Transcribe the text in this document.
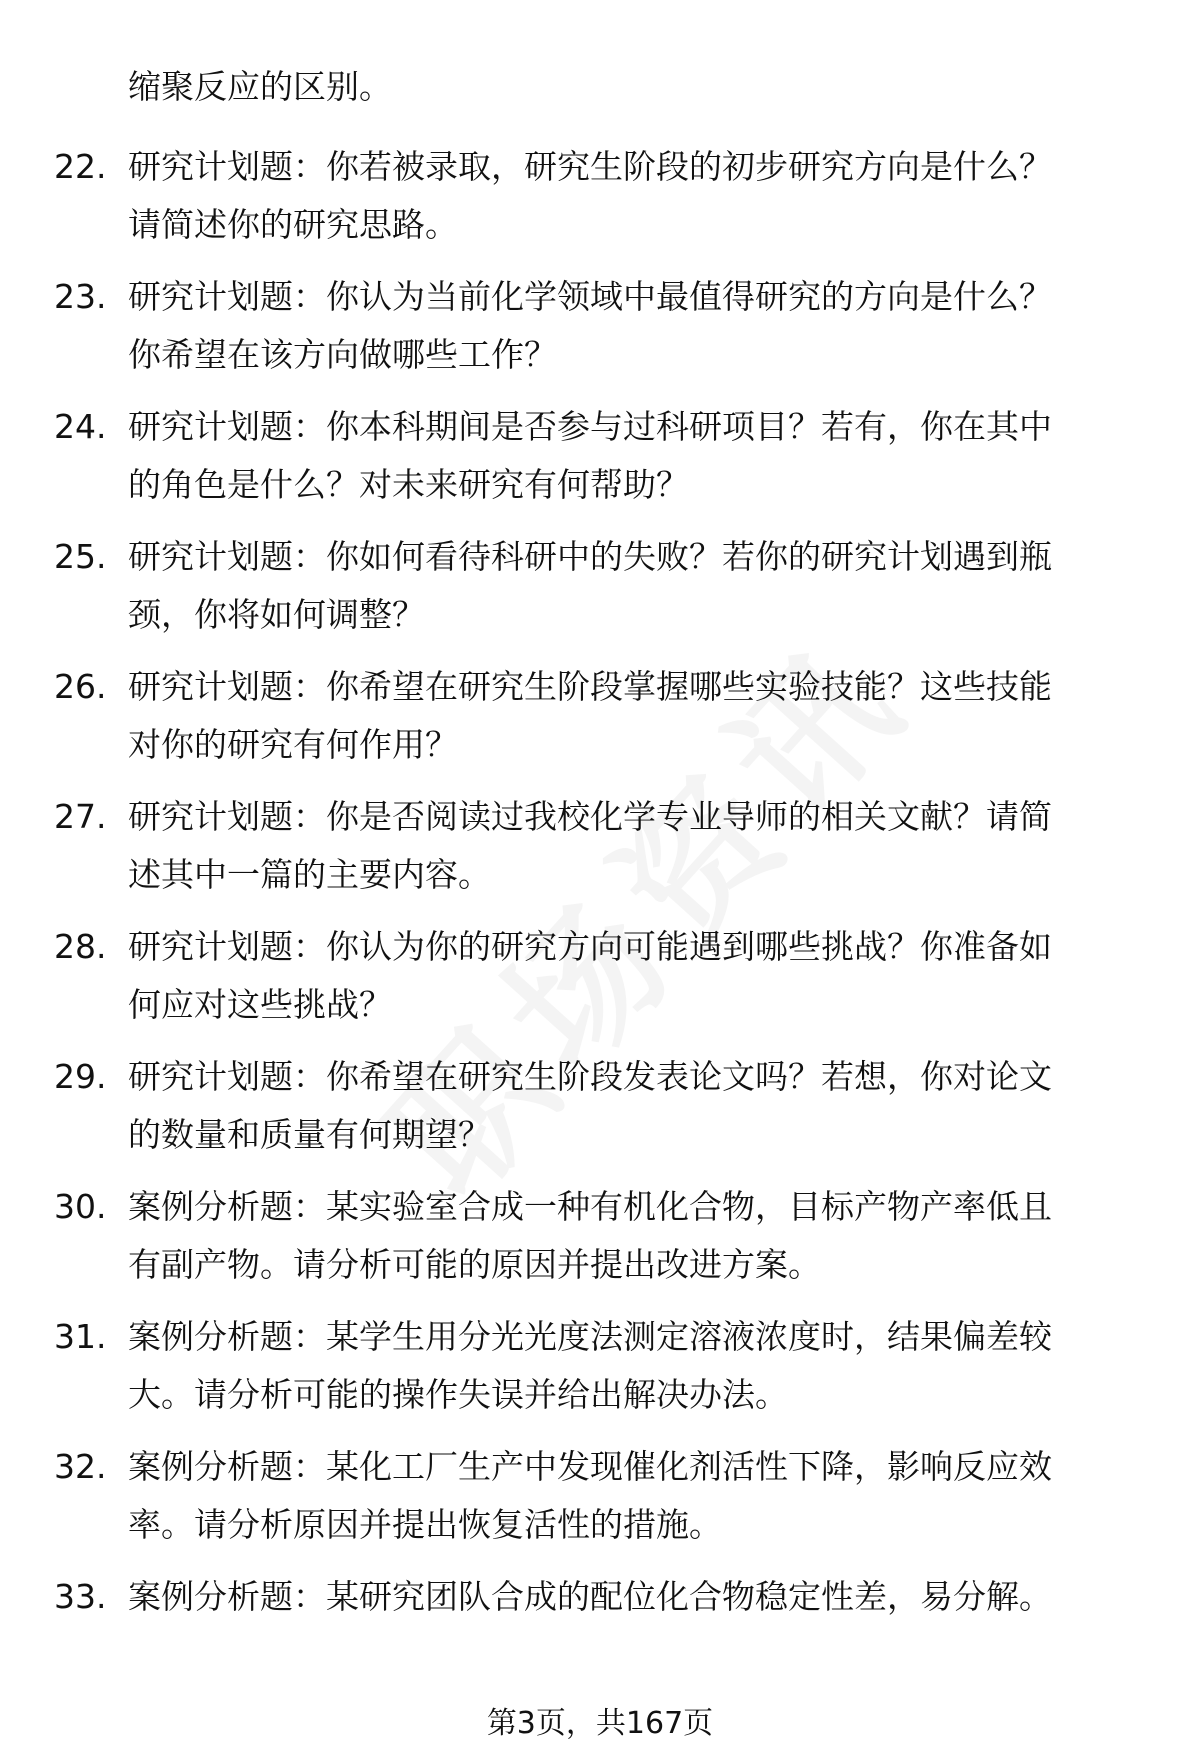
缩聚反应的区别。
22. 研究计划题：你若被录取，研究生阶段的初步研究方向是什么？
请简述你的研究思路。
23. 研究计划题：你认为当前化学领域中最值得研究的方向是什么？
你希望在该方向做哪些工作？
24. 研究计划题：你本科期间是否参与过科研项目？若有，你在其中
的角色是什么？对未来研究有何帮助？
25. 研究计划题：你如何看待科研中的失败？若你的研究计划遇到瓶
颈，你将如何调整？
26. 研究计划题：你希望在研究生阶段掌握哪些实验技能？这些技能
对你的研究有何作用？
27. 研究计划题：你是否阅读过我校化学专业导师的相关文献？请简
述其中一篇的主要内容。
28. 研究计划题：你认为你的研究方向可能遇到哪些挑战？你准备如
何应对这些挑战？
29. 研究计划题：你希望在研究生阶段发表论文吗？若想，你对论文
的数量和质量有何期望？
30. 案例分析题：某实验室合成一种有机化合物，目标产物产率低且
有副产物。请分析可能的原因并提出改进方案。
31. 案例分析题：某学生用分光光度法测定溶液浓度时，结果偏差较
大。请分析可能的操作失误并给出解决办法。
32. 案例分析题：某化工厂生产中发现催化剂活性下降，影响反应效
率。请分析原因并提出恢复活性的措施。
33. 案例分析题：某研究团队合成的配位化合物稳定性差，易分解。
第3页，共167页
